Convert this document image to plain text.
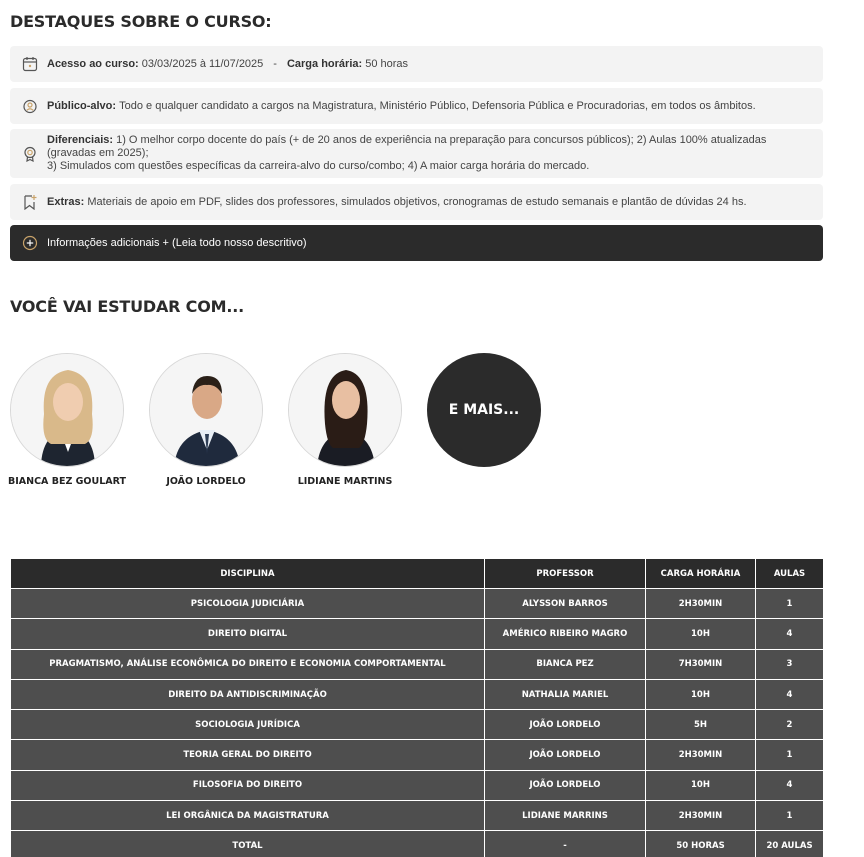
DESTAQUES SOBRE O CURSO:
Acesso ao curso:
03/03/2025 à 11/07/2025 - Carga horária:
50 horas
Público-alvo:
Todo e qualquer candidato a cargos na Magistratura, Ministério Público, Defensoria Pública e Procuradorias, em todos os âmbitos.
Diferenciais: 1) O melhor corpo docente do país (+ de 20 anos de experiência na preparação para concursos públicos); 2) Aulas 100% atualizadas (gravadas em 2025);
3) Simulados com questões específicas da carreira-alvo do curso/combo; 4) A maior carga horária do mercado.
Extras:
Materiais de apoio em PDF, slides dos professores, simulados objetivos, cronogramas de estudo semanais e plantão de dúvidas 24 hs.
Informações adicionais + (Leia todo nosso descritivo)
VOCÊ VAI ESTUDAR COM...
BIANCA BEZ GOULART	JOÃO LORDELO	LIDIANE MARTINS
E MAIS...
DISCIPLINA	PROFESSOR	CARGA HORÁRIA	AULAS
PSICOLOGIA JUDICIÁRIA	ALYSSON BARROS	2H30MIN	1
DIREITO DIGITAL	AMÉRICO RIBEIRO MAGRO	10H	4
PRAGMATISMO, ANÁLISE ECONÔMICA DO DIREITO E ECONOMIA COMPORTAMENTAL	BIANCA PEZ	7H30MIN	3
DIREITO DA ANTIDISCRIMINAÇÃO	NATHALIA MARIEL	10H	4
SOCIOLOGIA JURÍDICA	JOÃO LORDELO	5H	2
TEORIA GERAL DO DIREITO	JOÃO LORDELO	2H30MIN	1
FILOSOFIA DO DIREITO	JOÃO LORDELO	10H	4
LEI ORGÂNICA DA MAGISTRATURA	LIDIANE MARRINS	2H30MIN	1
TOTAL	-	50 HORAS	20 AULAS
